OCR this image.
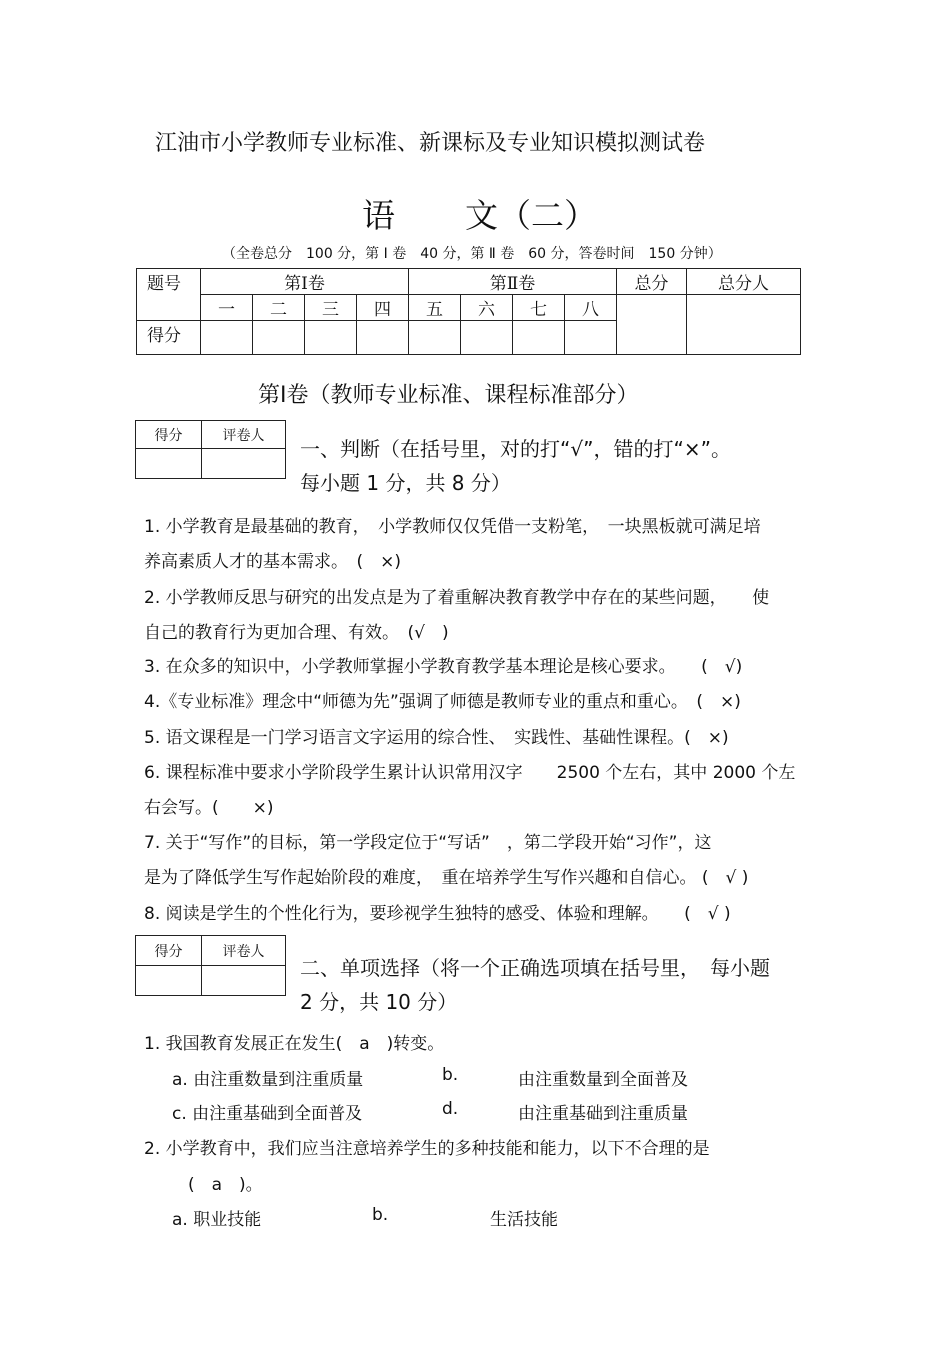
江油市小学教师专业标准、新课标及专业知识模拟测试卷
语 文（二）
（全卷总分　100 分，第 Ⅰ 卷　40 分，第 Ⅱ 卷　60 分，答卷时间　150 分钟）
题号	第Ⅰ卷				第Ⅱ卷				总分	总分人
	一	二	三	四	五	六	七	八		
得分										
第Ⅰ卷（教师专业标准、课程标准部分）
得分	评卷人

一、判断（在括号里，对的打“√”，错的打“×”。
每小题 1 分，共 8 分）
1. 小学教育是最基础的教育，　小学教师仅仅凭借一支粉笔，　一块黑板就可满足培
养高素质人才的基本需求。　(　×)
2. 小学教师反思与研究的出发点是为了着重解决教育教学中存在的某些问题，　　使
自己的教育行为更加合理、有效。　(√　)
3. 在众多的知识中，小学教师掌握小学教育教学基本理论是核心要求。　　(　√)
4.《专业标准》理念中“师德为先”强调了师德是教师专业的重点和重心。　(　×)
5. 语文课程是一门学习语言文字运用的综合性、　实践性、基础性课程。(　×)
6. 课程标准中要求小学阶段学生累计认识常用汉字　　2500 个左右，其中 2000 个左
右会写。(　　×)
7. 关于“写作”的目标，第一学段定位于“写话”　，第二学段开始“习作”，这
是为了降低学生写作起始阶段的难度，　重在培养学生写作兴趣和自信心。 (　√ )
8. 阅读是学生的个性化行为，要珍视学生独特的感受、体验和理解。　　(　√ )
得分	评卷人

二、单项选择（将一个正确选项填在括号里，　每小题
2 分，共 10 分）
1. 我国教育发展正在发生(　a　)转变。
a. 由注重数量到注重质量	b.	由注重数量到全面普及
c. 由注重基础到全面普及	d.	由注重基础到注重质量
2. 小学教育中，我们应当注意培养学生的多种技能和能力，以下不合理的是
(　a　)。
a. 职业技能	b.	生活技能
